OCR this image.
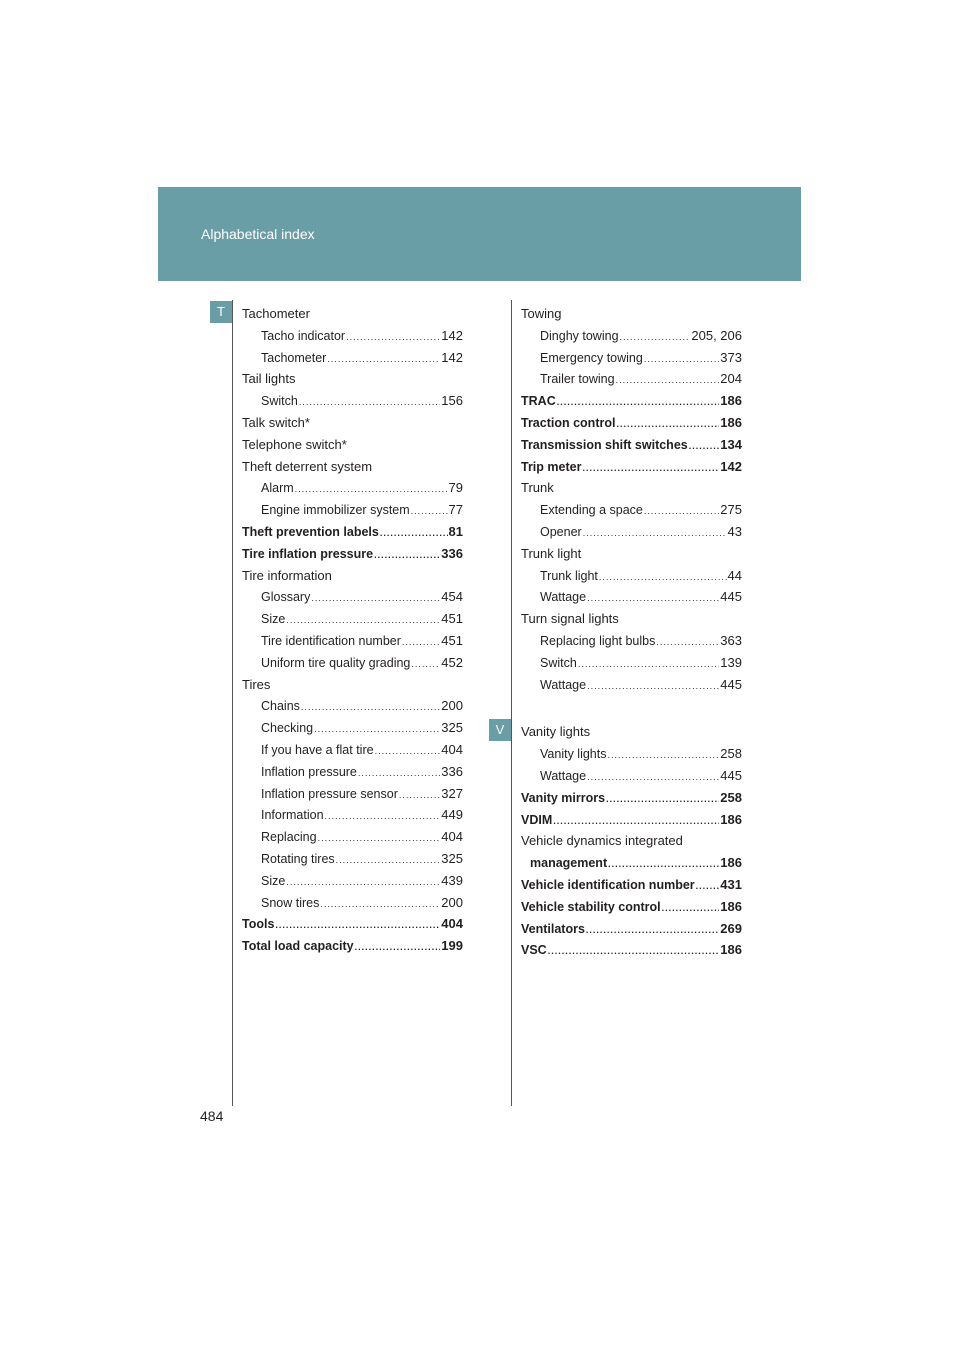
Alphabetical index
T
V
Tachometer
Tacho indicator .....	142
Tachometer .....	142
Tail lights
Switch .....	156
Talk switch*
Telephone switch*
Theft deterrent system
Alarm .....	79
Engine immobilizer system .....	77
Theft prevention labels .....	81
Tire inflation pressure .....	336
Tire information
Glossary .....	454
Size .....	451
Tire identification number .....	451
Uniform tire quality grading ..... 452
Tires
Chains .....	200
Checking .....	325
If you have a flat tire .....	404
Inflation pressure .....	336
Inflation pressure sensor .....	327
Information .....	449
Replacing .....	404
Rotating tires .....	325
Size .....	439
Snow tires .....	200
Tools .....	404
Total load capacity .....	199
Towing
Dinghy towing .....	205, 206
Emergency towing .....	373
Trailer towing .....	204
TRAC .....	186
Traction control .....	186
Transmission shift switches .....	134
Trip meter .....	142
Trunk
Extending a space .....	275
Opener .....	43
Trunk light
Trunk light .....	44
Wattage .....	445
Turn signal lights
Replacing light bulbs .....	363
Switch .....	139
Wattage .....	445
Vanity lights
Vanity lights .....	258
Wattage .....	445
Vanity mirrors .....	258
VDIM .....	186
Vehicle dynamics integrated
management .....	186
Vehicle identification number ..... 431
Vehicle stability control .....	186
Ventilators .....	269
VSC .....	186
484
